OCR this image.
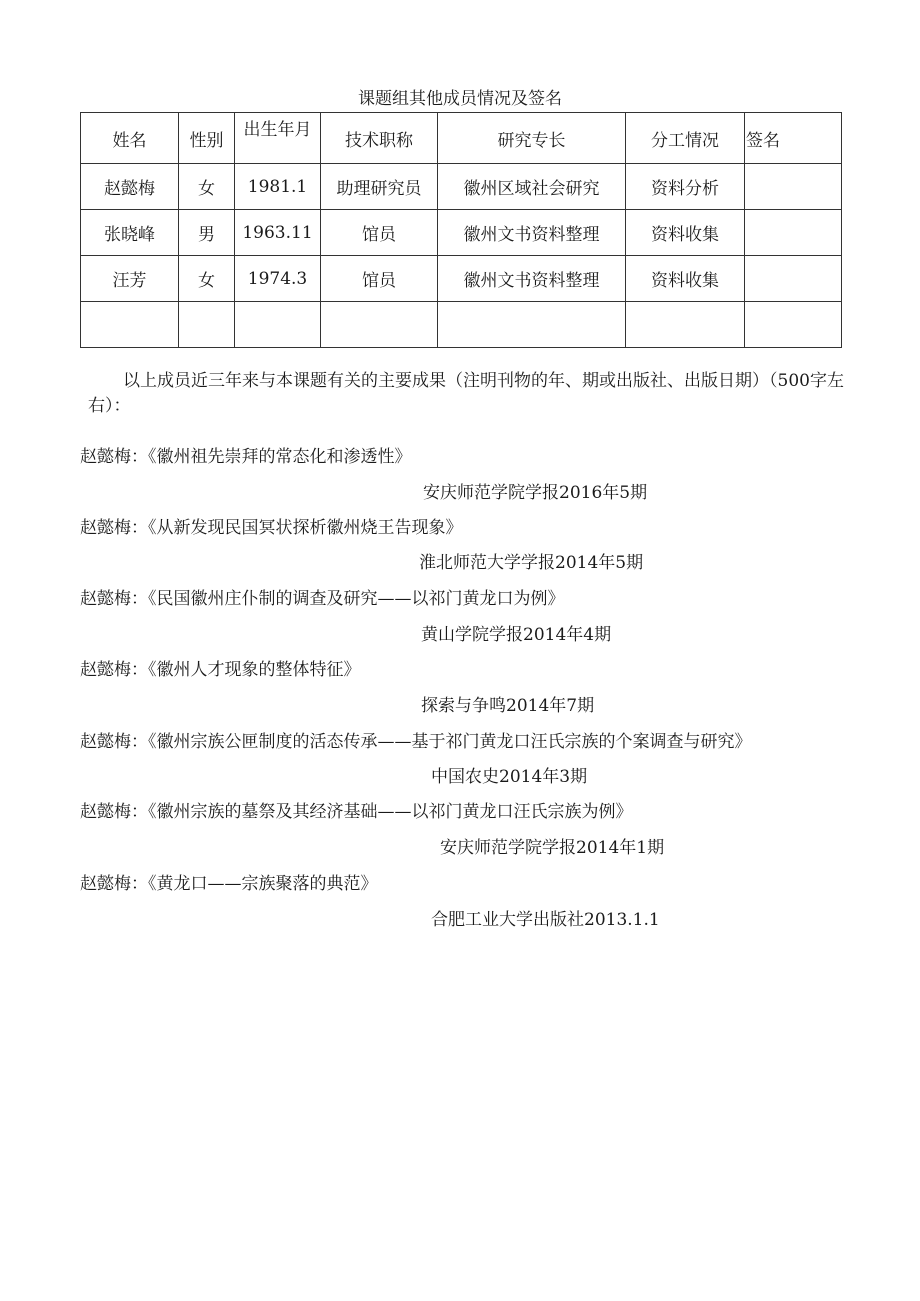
课题组其他成员情况及签名
姓名	性别	出生年月	技术职称	研究专长	分工情况	签名
赵懿梅	女	1981.1	助理研究员	徽州区域社会研究	资料分析	
张晓峰	男	1963.11	馆员	徽州文书资料整理	资料收集	
汪芳	女	1974.3	馆员	徽州文书资料整理	资料收集	

以上成员近三年来与本课题有关的主要成果（注明刊物的年、期或出版社、出版日期）（500字左右）：
赵懿梅：《徽州祖先崇拜的常态化和渗透性》
安庆师范学院学报2016年5期
赵懿梅：《从新发现民国冥状探析徽州烧王告现象》
淮北师范大学学报2014年5期
赵懿梅：《民国徽州庄仆制的调查及研究——以祁门黄龙口为例》
黄山学院学报2014年4期
赵懿梅：《徽州人才现象的整体特征》
探索与争鸣2014年7期
赵懿梅：《徽州宗族公匣制度的活态传承——基于祁门黄龙口汪氏宗族的个案调查与研究》
中国农史2014年3期
赵懿梅：《徽州宗族的墓祭及其经济基础——以祁门黄龙口汪氏宗族为例》
安庆师范学院学报2014年1期
赵懿梅：《黄龙口——宗族聚落的典范》
合肥工业大学出版社2013.1.1
